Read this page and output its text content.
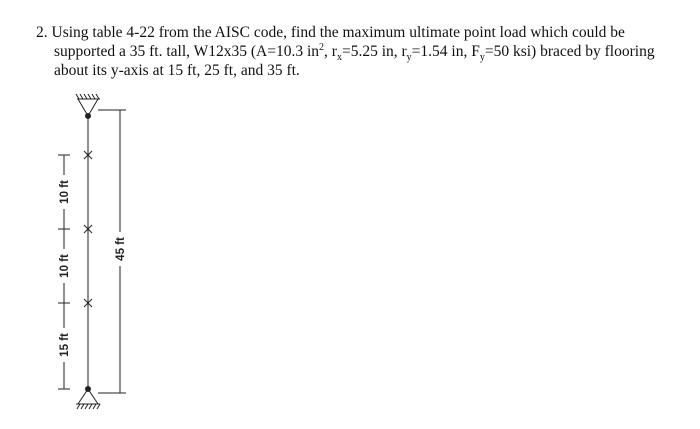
2. Using table 4-22 from the AISC code, find the maximum ultimate point load which could be
supported a 35 ft. tall, W12x35 (A=10.3 $in^2$, $r_x=5.25$ in, $r_y=1.54$ in, $F_y=50$ ksi) braced by flooring
about its y-axis at 15 ft, 25 ft, and 35 ft.
10 ft
10 ft
15 ft
45 ft
